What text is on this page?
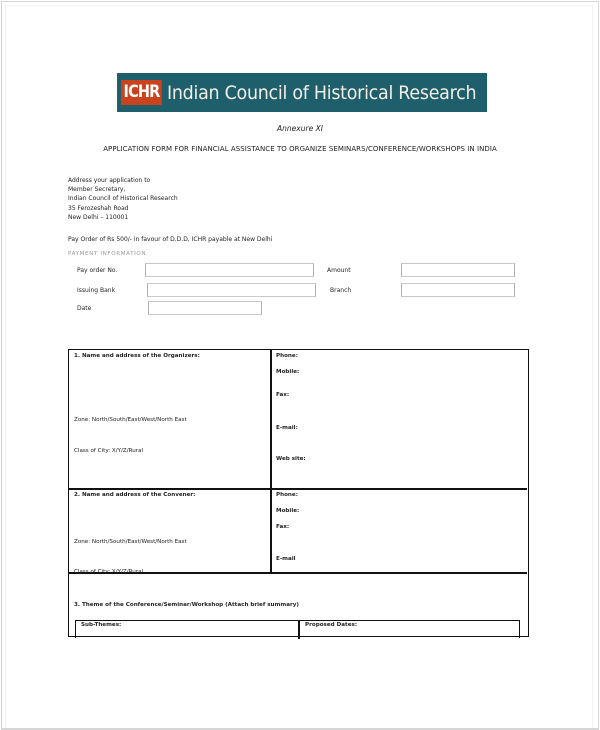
ICHR Indian Council of Historical Research
Annexure XI
APPLICATION FORM FOR FINANCIAL ASSISTANCE TO ORGANIZE SEMINARS/CONFERENCE/WORKSHOPS IN INDIA
Address your application to
Member Secretary,
Indian Council of Historical Research
35 Ferozeshah Road
New Delhi – 110001
Pay Order of Rs 500/- in favour of D.D.D, ICHR payable at New Delhi
PAYMENT INFORMATION
Pay order No.	Amount
Issuing Bank	Branch
Date
1. Name and address of the Organizers:
Zone: North/South/East/West/North East
Class of City: X/Y/Z/Rural
Phone:
Mobile:
Fax:
E-mail:
Web site:
2. Name and address of the Convener:
Zone: North/South/East/West/North East
Class of City: X/Y/Z/Rural
Phone:
Mobile:
Fax:
E-mail
3. Theme of the Conference/Seminar/Workshop (Attach brief summary)
Sub-Themes:	Proposed Dates:
